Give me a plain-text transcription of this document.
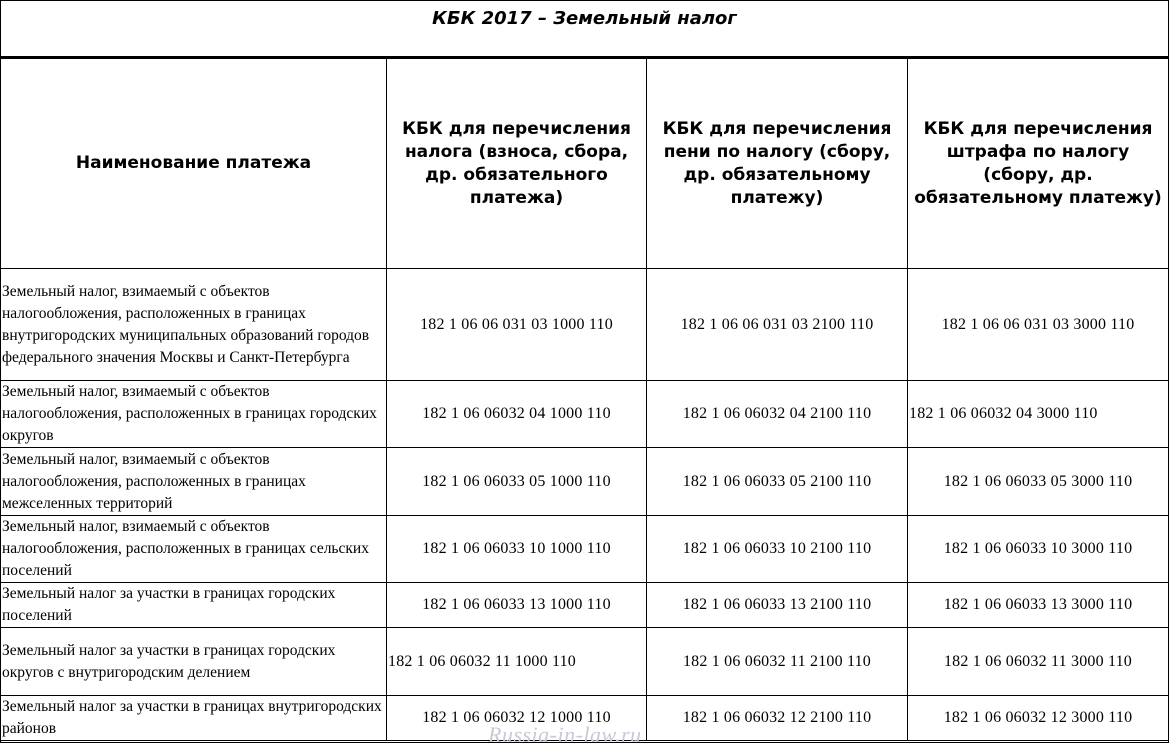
КБК 2017 – Земельный налог
Наименование платежа	КБК для перечисления налога (взноса, сбора, др. обязательного платежа)	КБК для перечисления пени по налогу (сбору, др. обязательному платежу)	КБК для перечисления штрафа по налогу (сбору, др. обязательному платежу)
Земельный налог, взимаемый с объектов налогообложения, расположенных в границах внутригородских муниципальных образований городов федерального значения Москвы и Санкт-Петербурга	182 1 06 06 031 03 1000 110	182 1 06 06 031 03 2100 110	182 1 06 06 031 03 3000 110
Земельный налог, взимаемый с объектов налогообложения, расположенных в границах городских округов	182 1 06 06032 04 1000 110	182 1 06 06032 04 2100 110	182 1 06 06032 04 3000 110
Земельный налог, взимаемый с объектов налогообложения, расположенных в границах межселенных территорий	182 1 06 06033 05 1000 110	182 1 06 06033 05 2100 110	182 1 06 06033 05 3000 110
Земельный налог, взимаемый с объектов налогообложения, расположенных в границах сельских поселений	182 1 06 06033 10 1000 110	182 1 06 06033 10 2100 110	182 1 06 06033 10 3000 110
Земельный налог за участки в границах городских поселений	182 1 06 06033 13 1000 110	182 1 06 06033 13 2100 110	182 1 06 06033 13 3000 110
Земельный налог за участки в границах городских округов с внутригородским делением	182 1 06 06032 11 1000 110	182 1 06 06032 11 2100 110	182 1 06 06032 11 3000 110
Земельный налог за участки в границах внутригородских районов	182 1 06 06032 12 1000 110	182 1 06 06032 12 2100 110	182 1 06 06032 12 3000 110
Russia-in-law.ru
